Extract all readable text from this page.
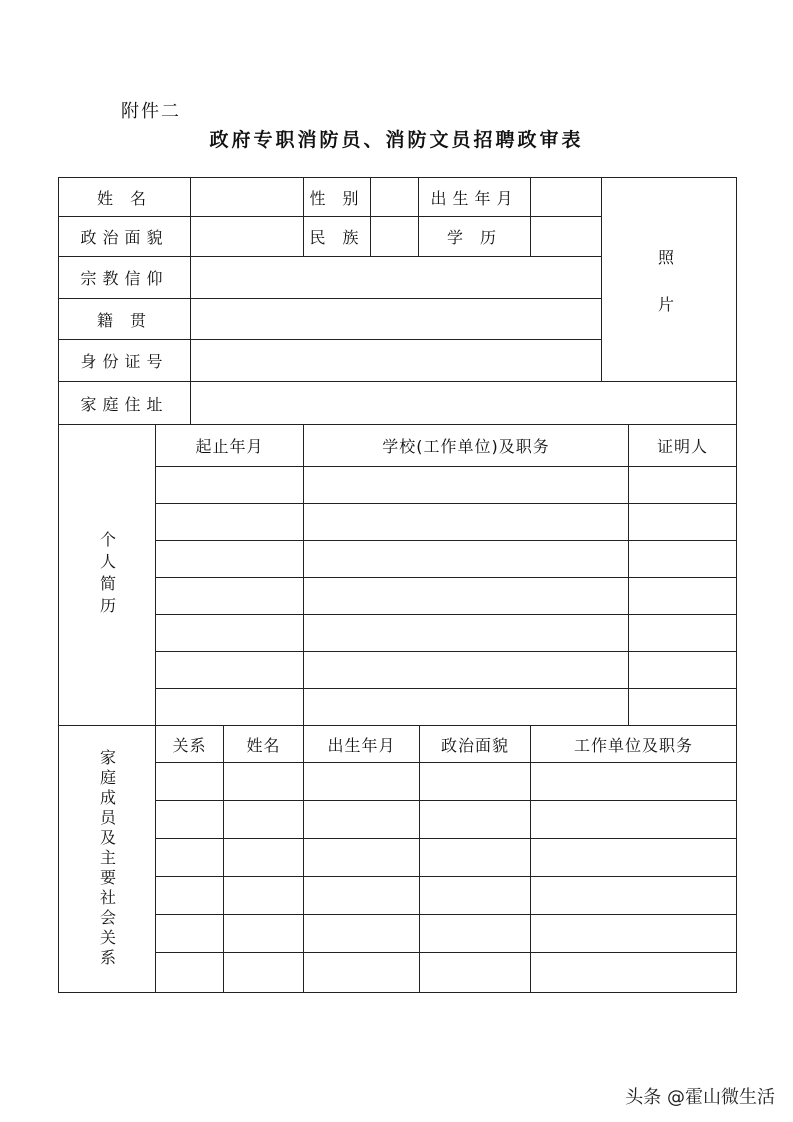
附件二
政府专职消防员、消防文员招聘政审表
姓 名	性 别	出生年月
照
片
政治面貌	民 族	学 历
宗教信仰
籍 贯
身份证号
家庭住址
个人简历
起止年月	学校(工作单位)及职务	证明人
家庭成员及主要社会关系
关系 姓名	出生年月	政治面貌	工作单位及职务
头条 @霍山微生活
